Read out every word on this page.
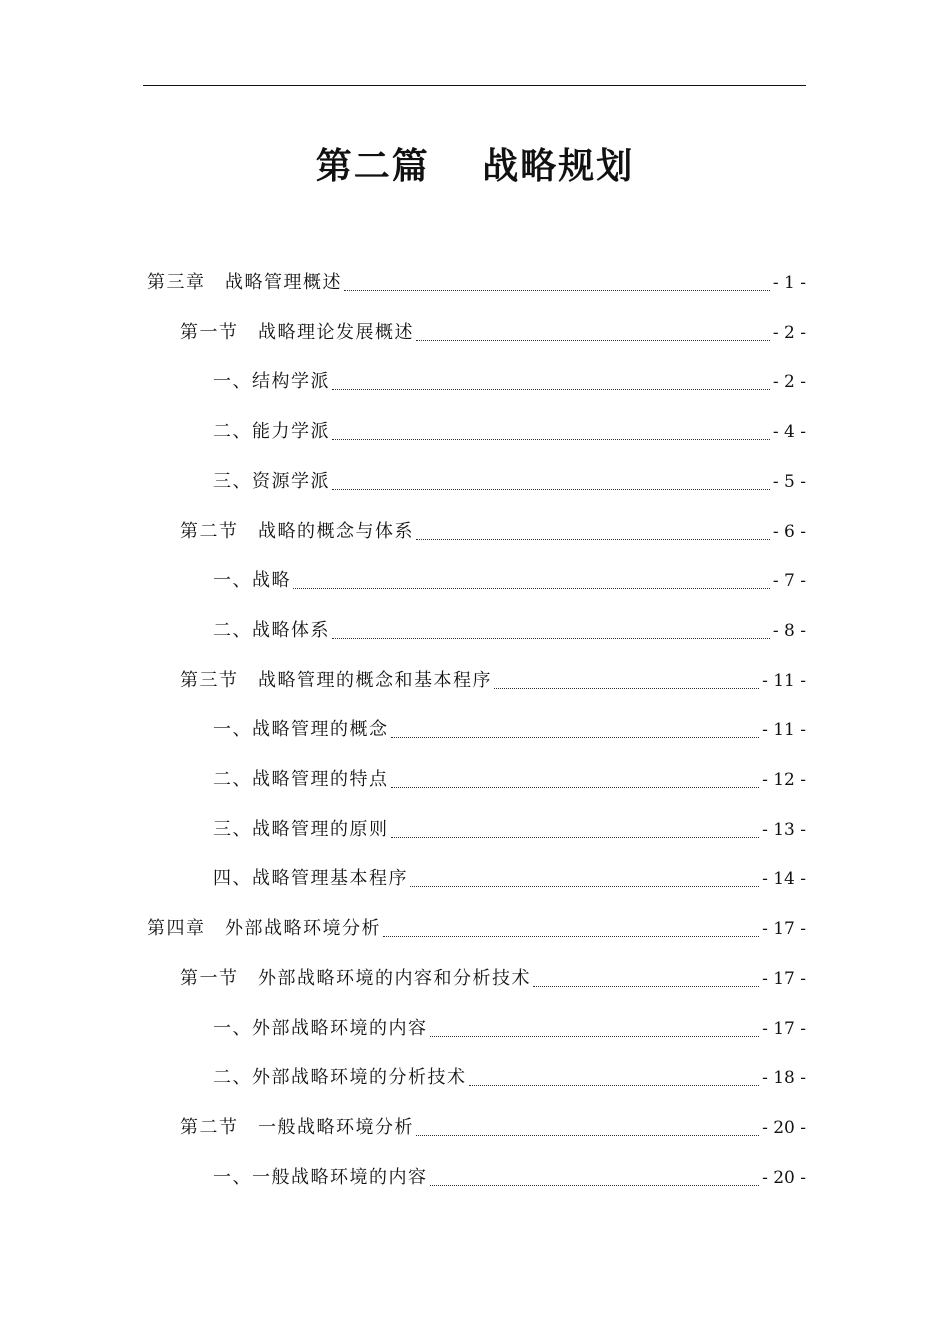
第二篇　 战略规划
第三章　战略管理概述	- 1 -
第一节　战略理论发展概述	- 2 -
一、结构学派	- 2 -
二、能力学派	- 4 -
三、资源学派	- 5 -
第二节　战略的概念与体系	- 6 -
一、战略	- 7 -
二、战略体系	- 8 -
第三节　战略管理的概念和基本程序	- 11 -
一、战略管理的概念	- 11 -
二、战略管理的特点	- 12 -
三、战略管理的原则	- 13 -
四、战略管理基本程序	- 14 -
第四章　外部战略环境分析	- 17 -
第一节　外部战略环境的内容和分析技术	- 17 -
一、外部战略环境的内容	- 17 -
二、外部战略环境的分析技术	- 18 -
第二节　一般战略环境分析	- 20 -
一、一般战略环境的内容	- 20 -
